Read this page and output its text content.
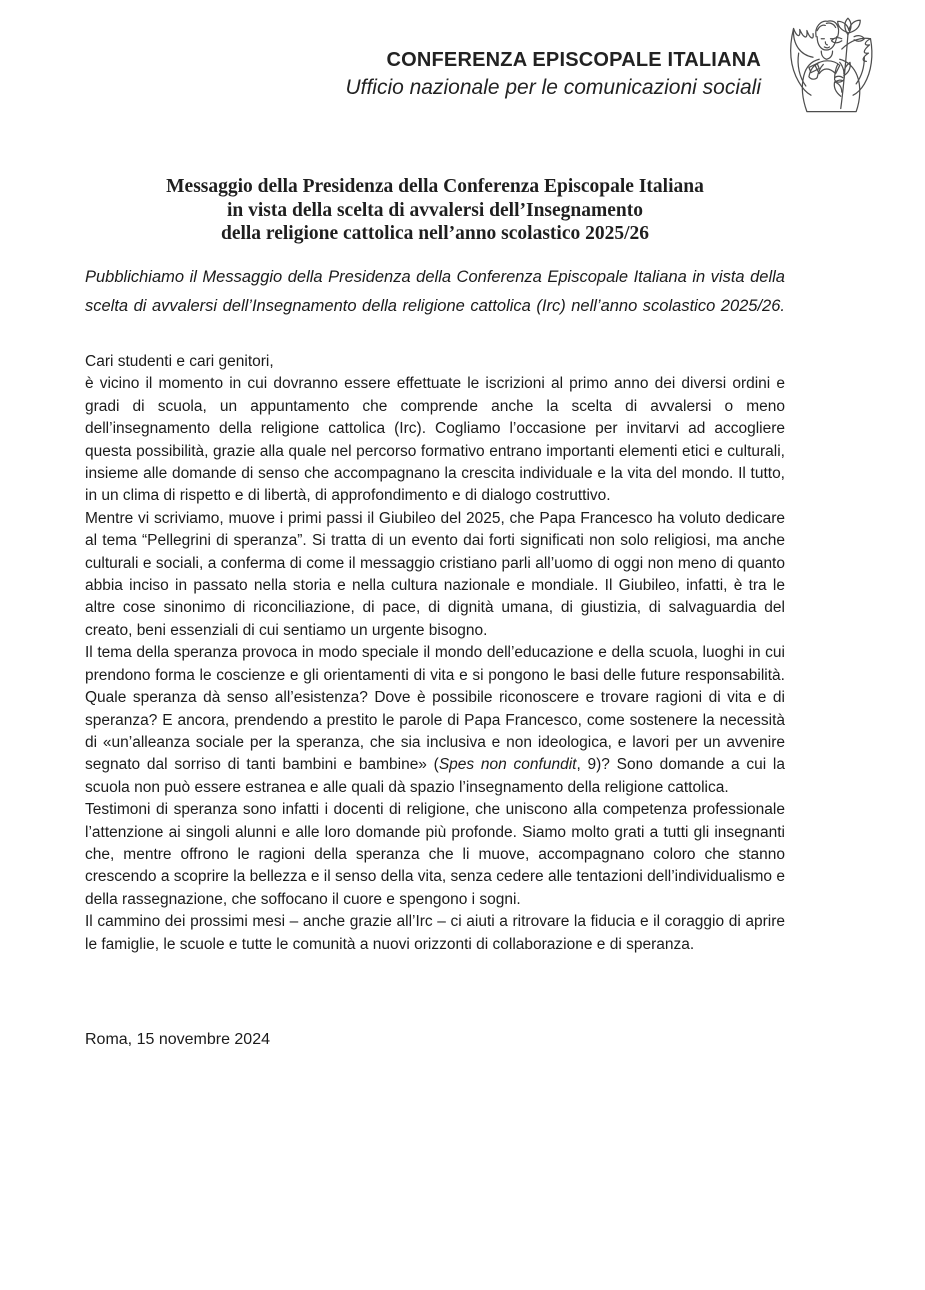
CONFERENZA EPISCOPALE ITALIANA
Ufficio nazionale per le comunicazioni sociali
Messaggio della Presidenza della Conferenza Episcopale Italiana
in vista della scelta di avvalersi dell’Insegnamento
della religione cattolica nell’anno scolastico 2025/26

Pubblichiamo il Messaggio della Presidenza della Conferenza Episcopale Italiana in vista della scelta di avvalersi dell’Insegnamento della religione cattolica (Irc) nell’anno scolastico 2025/26.

Cari studenti e cari genitori,

è vicino il momento in cui dovranno essere effettuate le iscrizioni al primo anno dei diversi ordini e gradi di scuola, un appuntamento che comprende anche la scelta di avvalersi o meno dell’insegnamento della religione cattolica (Irc). Cogliamo l’occasione per invitarvi ad accogliere questa possibilità, grazie alla quale nel percorso formativo entrano importanti elementi etici e culturali, insieme alle domande di senso che accompagnano la crescita individuale e la vita del mondo. Il tutto, in un clima di rispetto e di libertà, di approfondimento e di dialogo costruttivo.

Mentre vi scriviamo, muove i primi passi il Giubileo del 2025, che Papa Francesco ha voluto dedicare al tema “Pellegrini di speranza”. Si tratta di un evento dai forti significati non solo religiosi, ma anche culturali e sociali, a conferma di come il messaggio cristiano parli all’uomo di oggi non meno di quanto abbia inciso in passato nella storia e nella cultura nazionale e mondiale. Il Giubileo, infatti, è tra le altre cose sinonimo di riconciliazione, di pace, di dignità umana, di giustizia, di salvaguardia del creato, beni essenziali di cui sentiamo un urgente bisogno.

Il tema della speranza provoca in modo speciale il mondo dell’educazione e della scuola, luoghi in cui prendono forma le coscienze e gli orientamenti di vita e si pongono le basi delle future responsabilità. Quale speranza dà senso all’esistenza? Dove è possibile riconoscere e trovare ragioni di vita e di speranza? E ancora, prendendo a prestito le parole di Papa Francesco, come sostenere la necessità di «un’alleanza sociale per la speranza, che sia inclusiva e non ideologica, e lavori per un avvenire segnato dal sorriso di tanti bambini e bambine» (Spes non confundit, 9)? Sono domande a cui la scuola non può essere estranea e alle quali dà spazio l’insegnamento della religione cattolica.

Testimoni di speranza sono infatti i docenti di religione, che uniscono alla competenza professionale l’attenzione ai singoli alunni e alle loro domande più profonde. Siamo molto grati a tutti gli insegnanti che, mentre offrono le ragioni della speranza che li muove, accompagnano coloro che stanno crescendo a scoprire la bellezza e il senso della vita, senza cedere alle tentazioni dell’individualismo e della rassegnazione, che soffocano il cuore e spengono i sogni.

Il cammino dei prossimi mesi – anche grazie all’Irc – ci aiuti a ritrovare la fiducia e il coraggio di aprire le famiglie, le scuole e tutte le comunità a nuovi orizzonti di collaborazione e di speranza.

Roma, 15 novembre 2024
